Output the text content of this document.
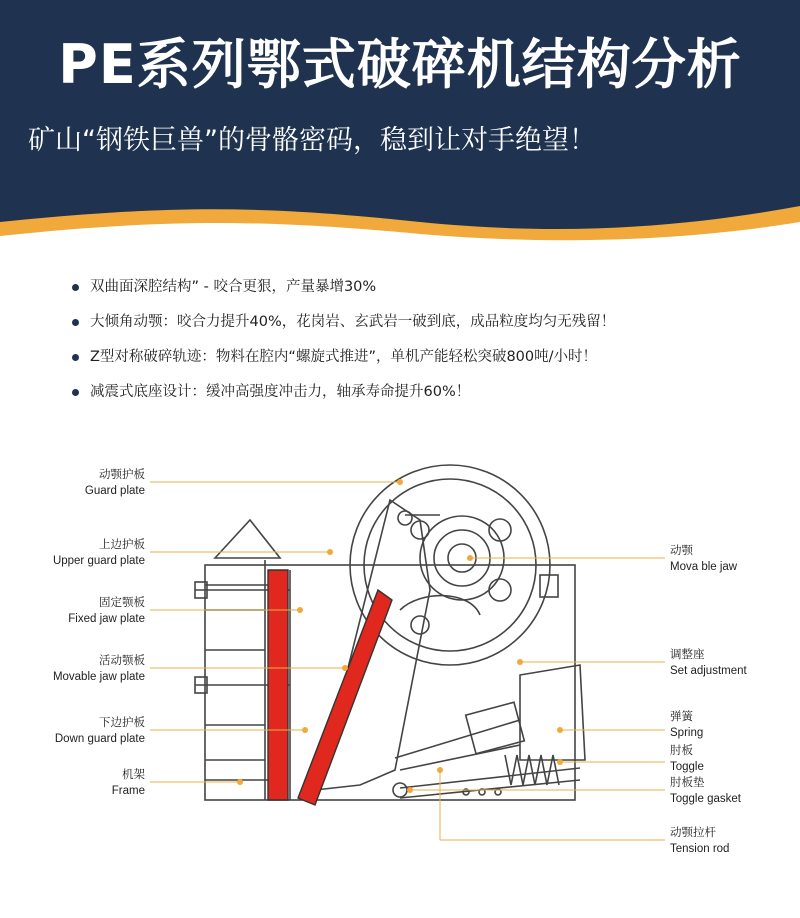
PE系列鄂式破碎机结构分析
矿山“钢铁巨兽”的骨骼密码，稳到让对手绝望！
双曲面深腔结构” - 咬合更狠，产量暴增30%
大倾角动颚：咬合力提升40%，花岗岩、玄武岩一破到底，成品粒度均匀无残留！
Z型对称破碎轨迹：物料在腔内“螺旋式推进”，单机产能轻松突破800吨/小时！
减震式底座设计：缓冲高强度冲击力，轴承寿命提升60%！
动颚护板
Guard plate
上边护板
Upper guard plate
固定颚板
Fixed jaw plate
活动颚板
Movable jaw plate
下边护板
Down guard plate
机架
Frame
动颚
Mova ble jaw
调整座
Set adjustment
弹簧
Spring
肘板
Toggle
肘板垫
Toggle gasket
动颚拉杆
Tension rod
